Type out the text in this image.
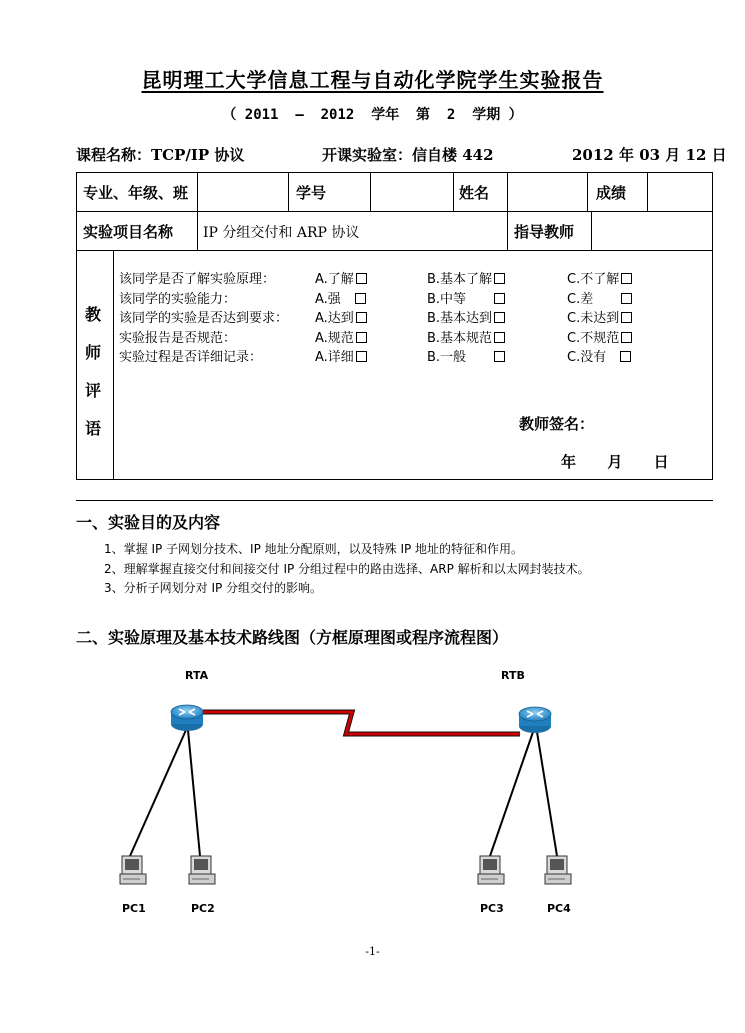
昆明理工大学信息工程与自动化学院学生实验报告
（ 2011  —  2012  学年  第  2  学期 ）
课程名称：TCP/IP 协议	开课实验室：信自楼 442	2012 年 03 月 12 日
专业、年级、班	学号	姓名	成绩
实验项目名称 IP 分组交付和 ARP 协议	指导教师
教师签名：
年      月      日
教
师
评
语
该同学是否了解实验原理：	A.了解	B.基本了解	C.不了解
该同学的实验能力：	A.强	B.中等	C.差
该同学的实验是否达到要求： A.达到	B.基本达到	C.未达到
实验报告是否规范：	A.规范	B.基本规范	C.不规范
实验过程是否详细记录：	A.详细	B.一般	C.没有
一、实验目的及内容
1、掌握 IP 子网划分技术、IP 地址分配原则，以及特殊 IP 地址的特征和作用。
2、理解掌握直接交付和间接交付 IP 分组过程中的路由选择、ARP 解析和以太网封装技术。
3、分析子网划分对 IP 分组交付的影响。
二、实验原理及基本技术路线图（方框原理图或程序流程图）
RTA	RTB
PC1	PC2	PC3	PC4
-1-
